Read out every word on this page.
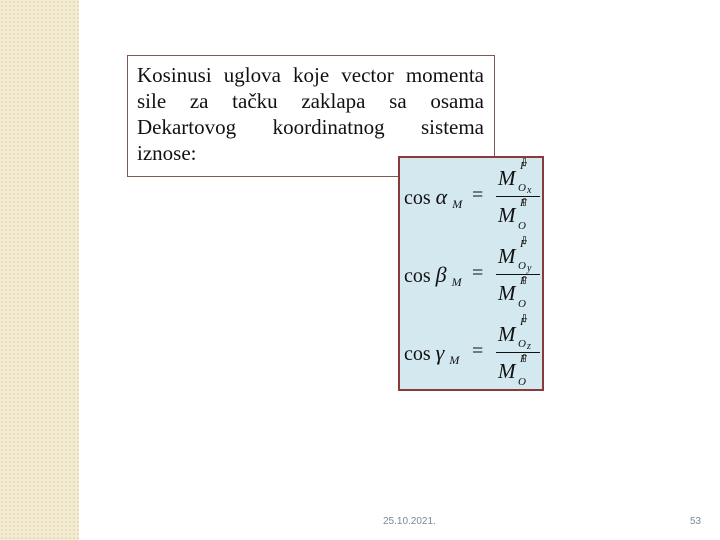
Kosinusi uglova koje vector momenta sile za tačku zaklapa sa osama Dekartovog koordinatnog sistema iznose:

cos α $_M$ =
F
M O x
F
M O
cos β $_M$ =
F
M O y
F
M O
cos γ $_M$ =
F
M O z
F
M O
25.10.2021.	53
